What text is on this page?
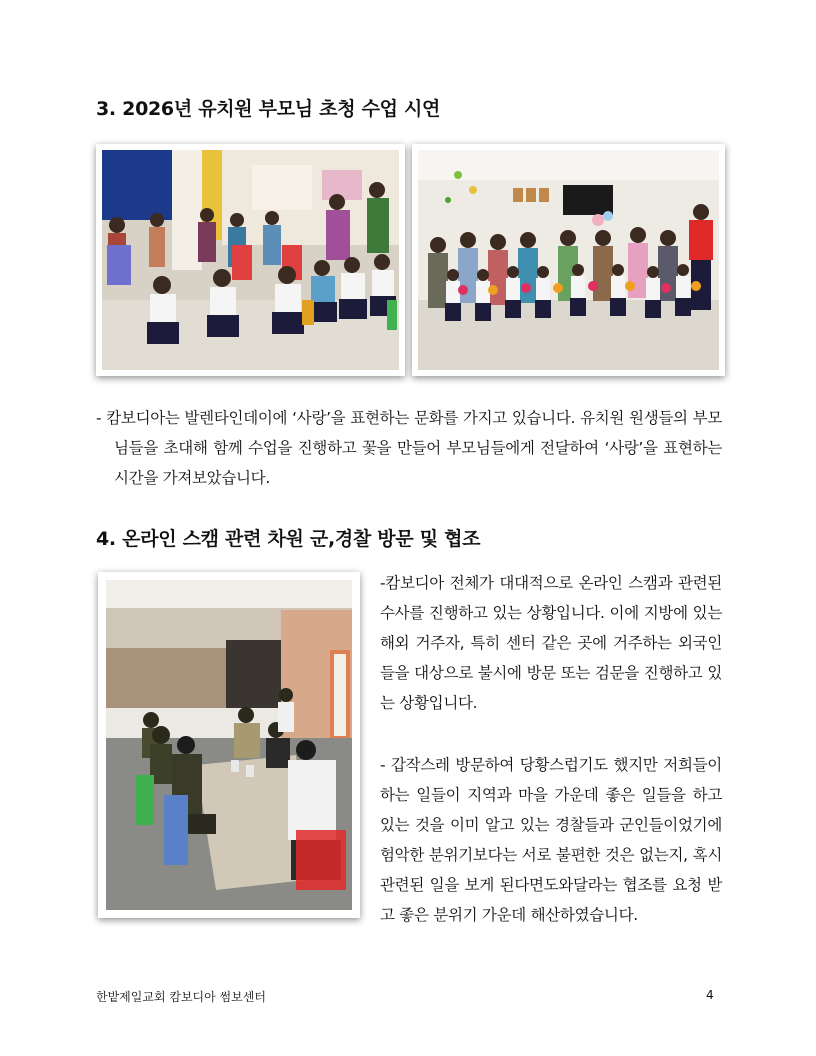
3. 2026년 유치원 부모님 초청 수업 시연
- 캄보디아는 발렌타인데이에 ‘사랑’을 표현하는 문화를 가지고 있습니다. 유치원 원생들의 부모님들을 초대해 함께 수업을 진행하고 꽃을 만들어 부모님들에게 전달하여 ‘사랑’을 표현하는 시간을 가져보았습니다.
4. 온라인 스캠 관련 차원 군,경찰 방문 및 협조
-캄보디아 전체가 대대적으로 온라인 스캠과 관련된 수사를 진행하고 있는 상황입니다. 이에 지방에 있는 해외 거주자, 특히 센터 같은 곳에 거주하는 외국인들을 대상으로 불시에 방문 또는 검문을 진행하고 있는 상황입니다.
- 갑작스레 방문하여 당황스럽기도 했지만 저희들이 하는 일들이 지역과 마을 가운데 좋은 일들을 하고 있는 것을 이미 알고 있는 경찰들과 군인들이었기에 험악한 분위기보다는 서로 불편한 것은 없는지, 혹시 관련된 일을 보게 된다면도와달라는 협조를 요청 받고 좋은 분위기 가운데 해산하였습니다.
한밭제일교회 캄보디아 썸보센터	4
